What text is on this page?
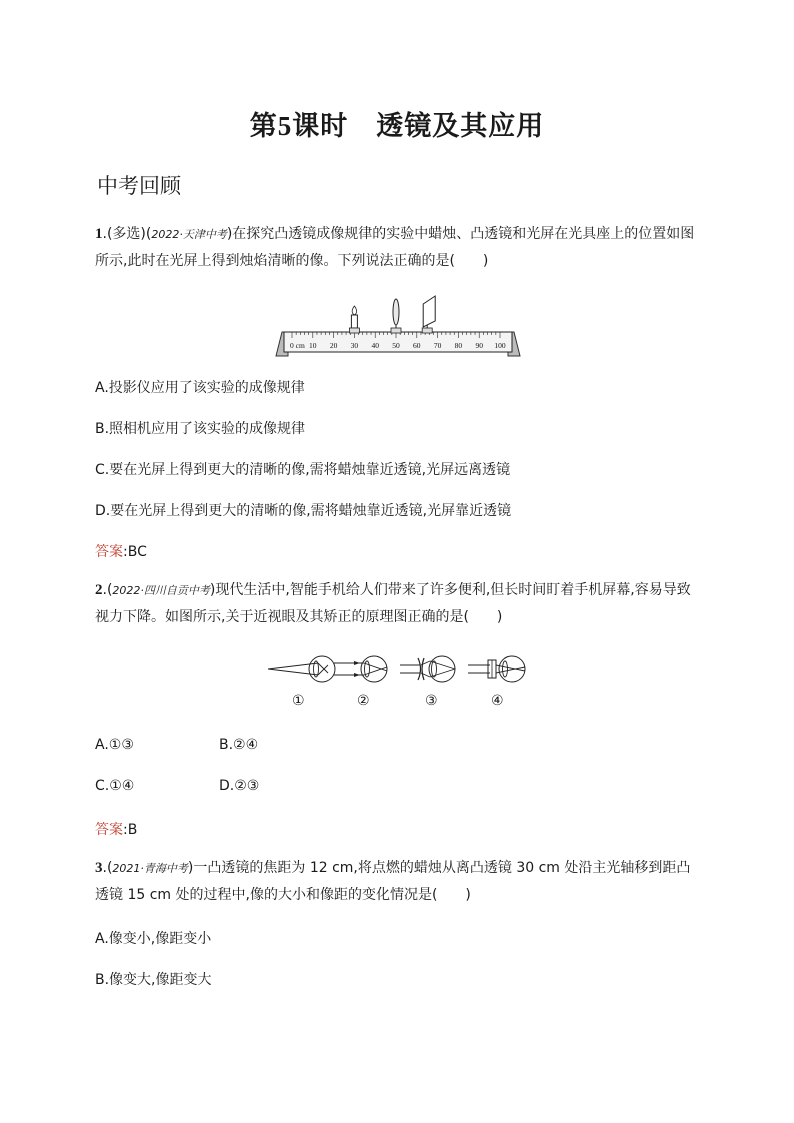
第5课时　 透镜及其应用
中考回顾
1.(多选)(2022·天津中考)在探究凸透镜成像规律的实验中蜡烛、凸透镜和光屏在光具座上的位置如图所示,此时在光屏上得到烛焰清晰的像。下列说法正确的是(　　)
0 cm 10 20 30 40 50 60 70 80 90 100
A.投影仪应用了该实验的成像规律
B.照相机应用了该实验的成像规律
C.要在光屏上得到更大的清晰的像,需将蜡烛靠近透镜,光屏远离透镜
D.要在光屏上得到更大的清晰的像,需将蜡烛靠近透镜,光屏靠近透镜
答案:BC
2.(2022·四川自贡中考)现代生活中,智能手机给人们带来了许多便利,但长时间盯着手机屏幕,容易导致视力下降。如图所示,关于近视眼及其矫正的原理图正确的是(　　)
①	②	③	④
A.①③	B.②④
C.①④	D.②③
答案:B
3.(2021·青海中考)一凸透镜的焦距为 12 cm,将点燃的蜡烛从离凸透镜 30 cm 处沿主光轴移到距凸透镜 15 cm 处的过程中,像的大小和像距的变化情况是(　　)
A.像变小,像距变小
B.像变大,像距变大
